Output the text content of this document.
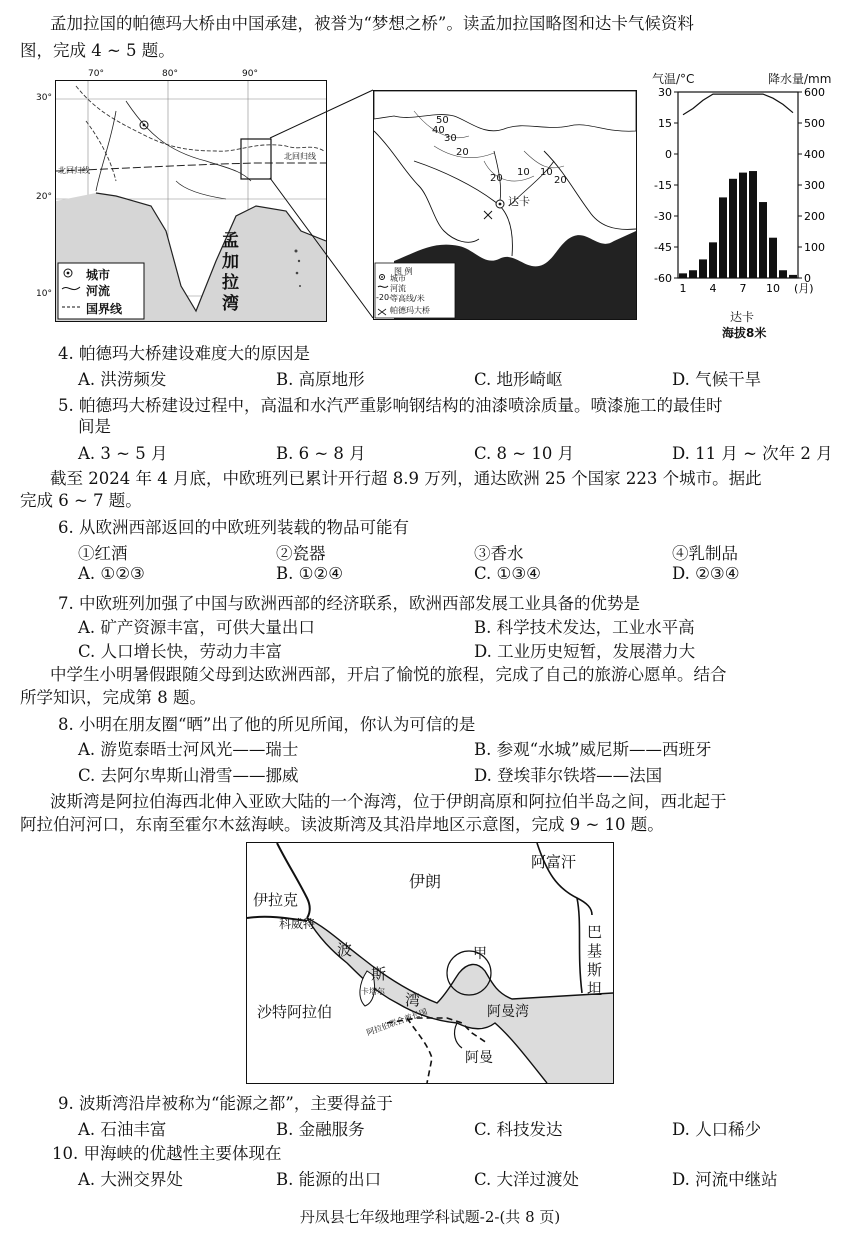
孟加拉国的帕德玛大桥由中国承建，被誉为“梦想之桥”。读孟加拉国略图和达卡气候资料
图，完成 4 ~ 5 题。
70°	80°	90°
30°
20°
10°
北回归线
北回归线
孟
加
拉
湾
城市
河流
国界线
50
40
30
20
20
10 10
20
达卡
图 例
城市
河流
-20-
等高线/米
帕德玛大桥
气温/°C	降水量/mm
30
15
0
-15
-30
-45
-60
600
500
400
300
200
100
0
1 4 7 10 (月)
达卡
海拔8米
4. 帕德玛大桥建设难度大的原因是
A. 洪涝频发	B. 高原地形	C. 地形崎岖	D. 气候干旱
5. 帕德玛大桥建设过程中，高温和水汽严重影响钢结构的油漆喷涂质量。喷漆施工的最佳时
间是
A. 3 ~ 5 月	B. 6 ~ 8 月	C. 8 ~ 10 月	D. 11 月 ~ 次年 2 月
截至 2024 年 4 月底，中欧班列已累计开行超 8.9 万列，通达欧洲 25 个国家 223 个城市。据此
完成 6 ~ 7 题。
6. 从欧洲西部返回的中欧班列装载的物品可能有
①红酒	②瓷器	③香水	④乳制品
A. ①②③	B. ①②④	C. ①③④	D. ②③④
7. 中欧班列加强了中国与欧洲西部的经济联系，欧洲西部发展工业具备的优势是
A. 矿产资源丰富，可供大量出口	B. 科学技术发达，工业水平高
C. 人口增长快，劳动力丰富	D. 工业历史短暂，发展潜力大
中学生小明暑假跟随父母到达欧洲西部，开启了愉悦的旅程，完成了自己的旅游心愿单。结合
所学知识，完成第 8 题。
8. 小明在朋友圈“晒”出了他的所见所闻，你认为可信的是
A. 游览泰晤士河风光——瑞士	B. 参观“水城”威尼斯——西班牙
C. 去阿尔卑斯山滑雪——挪威	D. 登埃菲尔铁塔——法国
波斯湾是阿拉伯海西北伸入亚欧大陆的一个海湾，位于伊朗高原和阿拉伯半岛之间，西北起于
阿拉伯河河口，东南至霍尔木兹海峡。读波斯湾及其沿岸地区示意图，完成 9 ~ 10 题。
伊朗
阿富汗
伊拉克
科威特
波
斯
湾
巴
基
斯
坦
甲
沙特阿拉伯	阿拉伯联合酋长国
卡塔尔
阿曼湾
阿曼
9. 波斯湾沿岸被称为“能源之都”，主要得益于
A. 石油丰富	B. 金融服务	C. 科技发达	D. 人口稀少
10. 甲海峡的优越性主要体现在
A. 大洲交界处	B. 能源的出口	C. 大洋过渡处	D. 河流中继站
丹凤县七年级地理学科试题-2-(共 8 页)
